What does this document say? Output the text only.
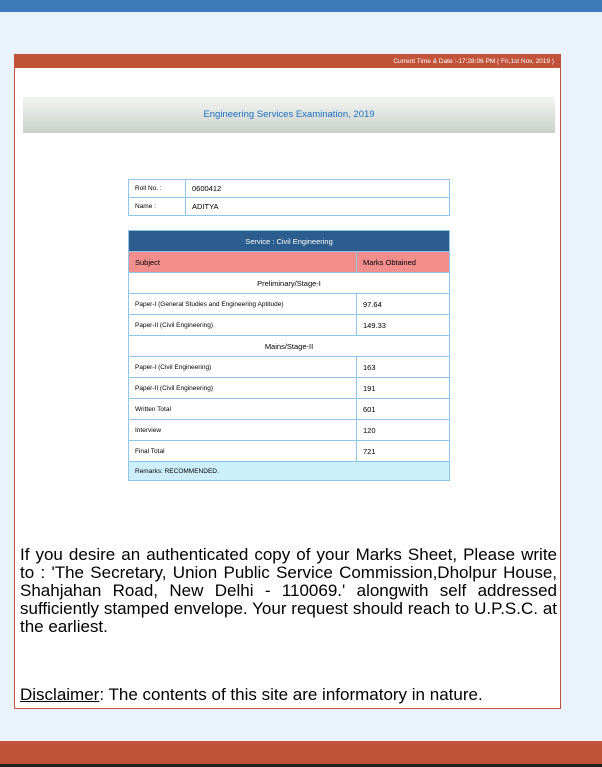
Current Time & Date :-17:28:06 PM ( Fri,1st Nov, 2019 )
Engineering Services Examination, 2019
Roll No. :	0600412
Name :	ADITYA
Service : Civil Engineering	
Subject	Marks Obtained
Preliminary/Stage-I	
Paper-I (General Studies and Engineering Aptitude)	97.64
Paper-II (Civil Engineering)	149.33
Mains/Stage-II	
Paper-I (Civil Engineering)	163
Paper-II (Civil Engineering)	191
Written Total	601
Interview	120
Final Total	721
Remarks: RECOMMENDED.	
If you desire an authenticated copy of your Marks Sheet, Please write to : 'The Secretary, Union Public Service Commission,Dholpur House, Shahjahan Road, New Delhi - 110069.' alongwith self addressed sufficiently stamped envelope. Your request should reach to U.P.S.C. at the earliest.
Disclaimer: The contents of this site are informatory in nature.
